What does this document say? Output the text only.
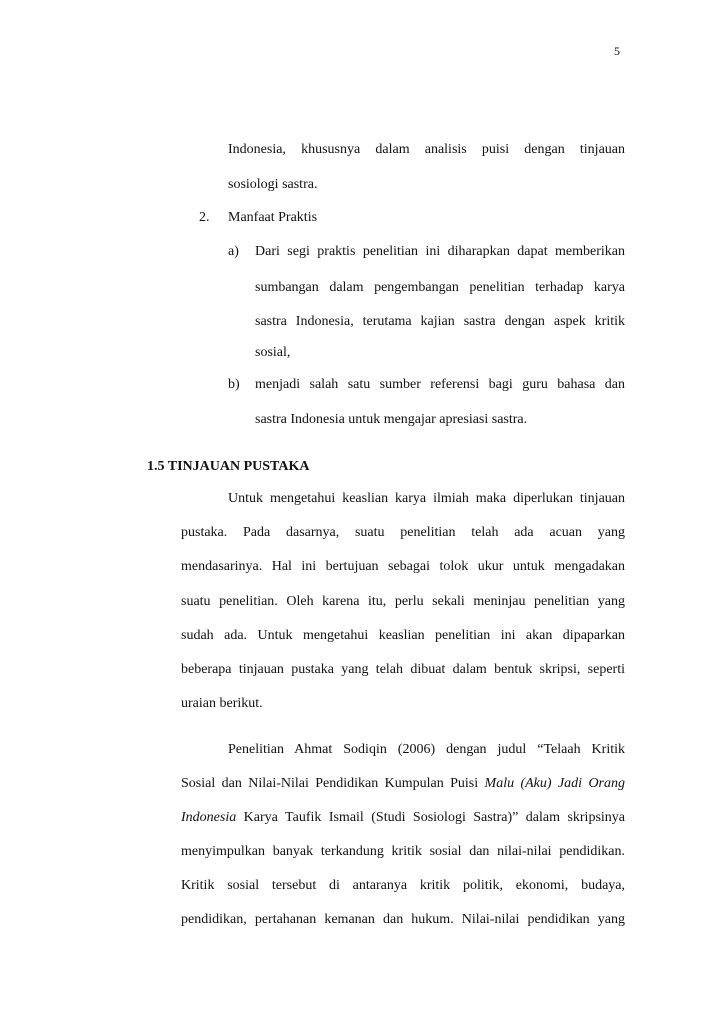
5
Indonesia, khususnya dalam analisis puisi dengan tinjauan
sosiologi sastra.
2. Manfaat Praktis
a) Dari segi praktis penelitian ini diharapkan dapat memberikan
sumbangan dalam pengembangan penelitian terhadap karya
sastra Indonesia, terutama kajian sastra dengan aspek kritik
sosial,
b) menjadi salah satu sumber referensi bagi guru bahasa dan
sastra Indonesia untuk mengajar apresiasi sastra.
1.5 TINJAUAN PUSTAKA
Untuk mengetahui keaslian karya ilmiah maka diperlukan tinjauan
pustaka. Pada dasarnya, suatu penelitian telah ada acuan yang
mendasarinya. Hal ini bertujuan sebagai tolok ukur untuk mengadakan
suatu penelitian. Oleh karena itu, perlu sekali meninjau penelitian yang
sudah ada. Untuk mengetahui keaslian penelitian ini akan dipaparkan
beberapa tinjauan pustaka yang telah dibuat dalam bentuk skripsi, seperti
uraian berikut.
Penelitian Ahmat Sodiqin (2006) dengan judul “Telaah Kritik
Sosial dan Nilai-Nilai Pendidikan Kumpulan Puisi Malu (Aku) Jadi Orang
Indonesia Karya Taufik Ismail (Studi Sosiologi Sastra)” dalam skripsinya
menyimpulkan banyak terkandung kritik sosial dan nilai-nilai pendidikan.
Kritik sosial tersebut di antaranya kritik politik, ekonomi, budaya,
pendidikan, pertahanan kemanan dan hukum. Nilai-nilai pendidikan yang
